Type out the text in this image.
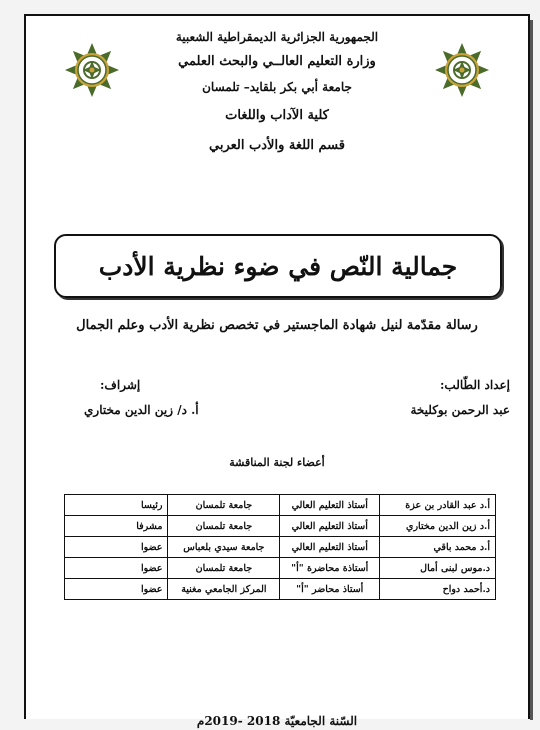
الجمهورية الجزائرية الديمقراطية الشعبية
وزارة التعليم العالــي والبحث العلمي
جامعة أبي بكر بلقايد– تلمسان
كلية الآداب واللغات
قسم اللغة والأدب العربي
جمالية النّص في ضوء نظرية الأدب
رسالة مقدّمة لنيل شهادة الماجستير في تخصص نظرية الأدب وعلم الجمال
إعداد الطّالب:
عبد الرحمن بوكليخة
إشراف:
أ. د/ زين الدين مختاري
أعضاء لجنة المناقشة
أ.د عبد القادر بن عزة	أستاذ التعليم العالي	جامعة تلمسان	رئيسا
أ.د زين الدين مختاري	أستاذ التعليم العالي	جامعة تلمسان	مشرفا
أ.د محمد باقي	أستاذ التعليم العالي	جامعة سيدي بلعباس	عضوا
د.موس لبنى أمال	أستاذة محاضرة "أ"	جامعة تلمسان	عضوا
د.أحمد دواح	أستاذ محاضر "أ"	المركز الجامعي مغنية	عضوا
السّنة الجامعيّة 2018 -2019م
